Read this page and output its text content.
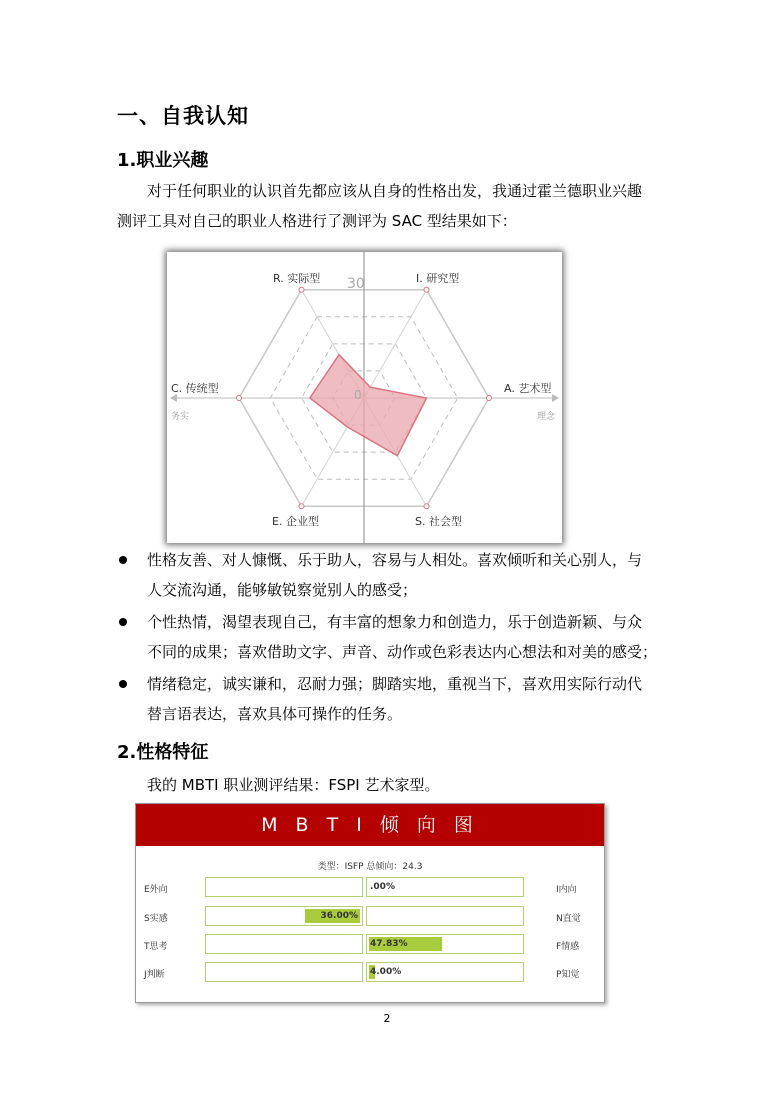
一、自我认知
1.职业兴趣
对于任何职业的认识首先都应该从自身的性格出发，我通过霍兰德职业兴趣
测评工具对自己的职业人格进行了测评为 SAC 型结果如下：
R. 实际型	I. 研究型
A. 艺术型
S. 社会型
E. 企业型
C. 传统型
30
0
务实	理念
性格友善、对人慷慨、乐于助人，容易与人相处。喜欢倾听和关心别人，与
人交流沟通，能够敏锐察觉别人的感受；
个性热情，渴望表现自己，有丰富的想象力和创造力，乐于创造新颖、与众
不同的成果；喜欢借助文字、声音、动作或色彩表达内心想法和对美的感受；
情绪稳定，诚实谦和，忍耐力强；脚踏实地，重视当下，喜欢用实际行动代
替言语表达，喜欢具体可操作的任务。
2.性格特征
我的 MBTI 职业测评结果：FSPI 艺术家型。
M B T I 倾 向 图
类型：ISFP 总倾向：24.3
E外向	.00%	I内向
S实感	36.00%	N直觉
T思考	47.83%	F情感
J判断	4.00%	P知觉
2
